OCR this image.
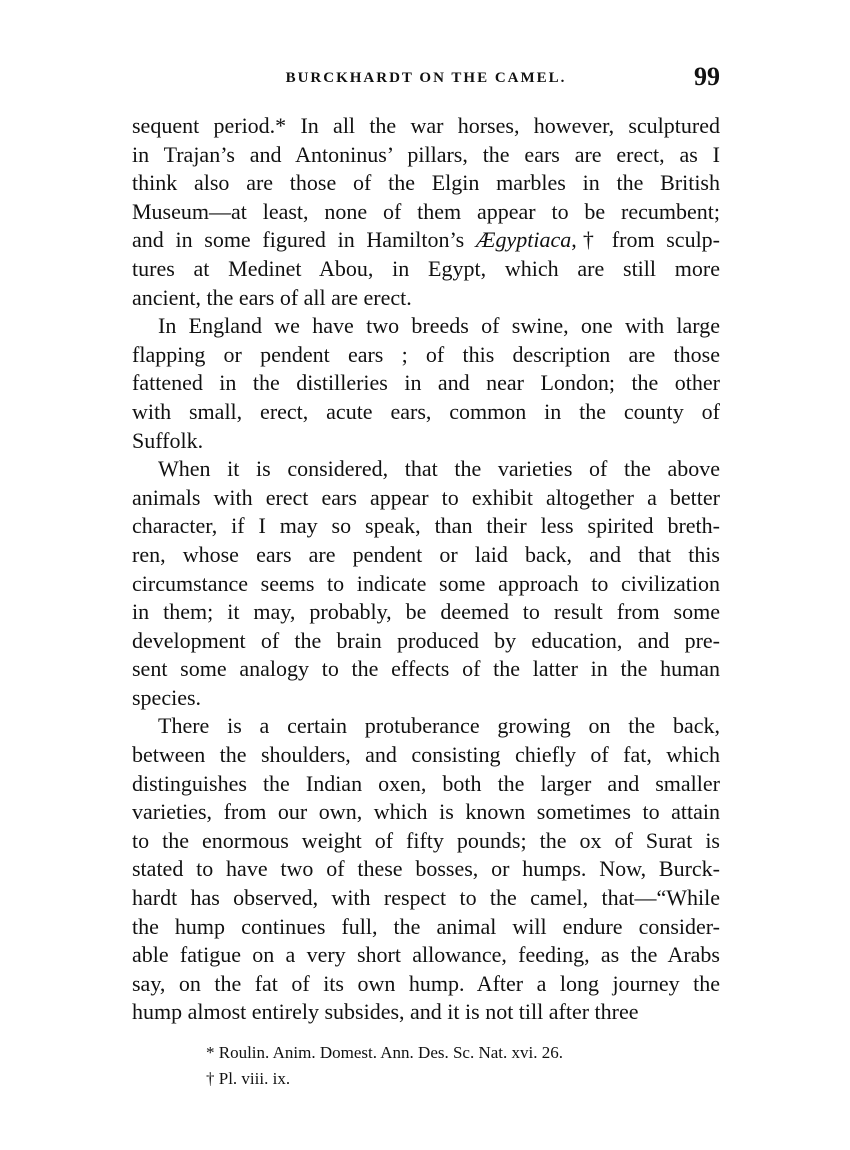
BURCKHARDT ON THE CAMEL.	99
sequent period.* In all the war horses, however, sculptured
in Trajan’s and Antoninus’ pillars, the ears are erect, as I
think also are those of the Elgin marbles in the British
Museum—at least, none of them appear to be recumbent;
and in some figured in Hamilton’s Ægyptiaca,† from sculp-
tures at Medinet Abou, in Egypt, which are still more
ancient, the ears of all are erect.
In England we have two breeds of swine, one with large
flapping or pendent ears ; of this description are those
fattened in the distilleries in and near London; the other
with small, erect, acute ears, common in the county of
Suffolk.
When it is considered, that the varieties of the above
animals with erect ears appear to exhibit altogether a better
character, if I may so speak, than their less spirited breth-
ren, whose ears are pendent or laid back, and that this
circumstance seems to indicate some approach to civilization
in them; it may, probably, be deemed to result from some
development of the brain produced by education, and pre-
sent some analogy to the effects of the latter in the human
species.
There is a certain protuberance growing on the back,
between the shoulders, and consisting chiefly of fat, which
distinguishes the Indian oxen, both the larger and smaller
varieties, from our own, which is known sometimes to attain
to the enormous weight of fifty pounds; the ox of Surat is
stated to have two of these bosses, or humps. Now, Burck-
hardt has observed, with respect to the camel, that—“While
the hump continues full, the animal will endure consider-
able fatigue on a very short allowance, feeding, as the Arabs
say, on the fat of its own hump. After a long journey the
hump almost entirely subsides, and it is not till after three
* Roulin. Anim. Domest. Ann. Des. Sc. Nat. xvi. 26.
† Pl. viii. ix.
